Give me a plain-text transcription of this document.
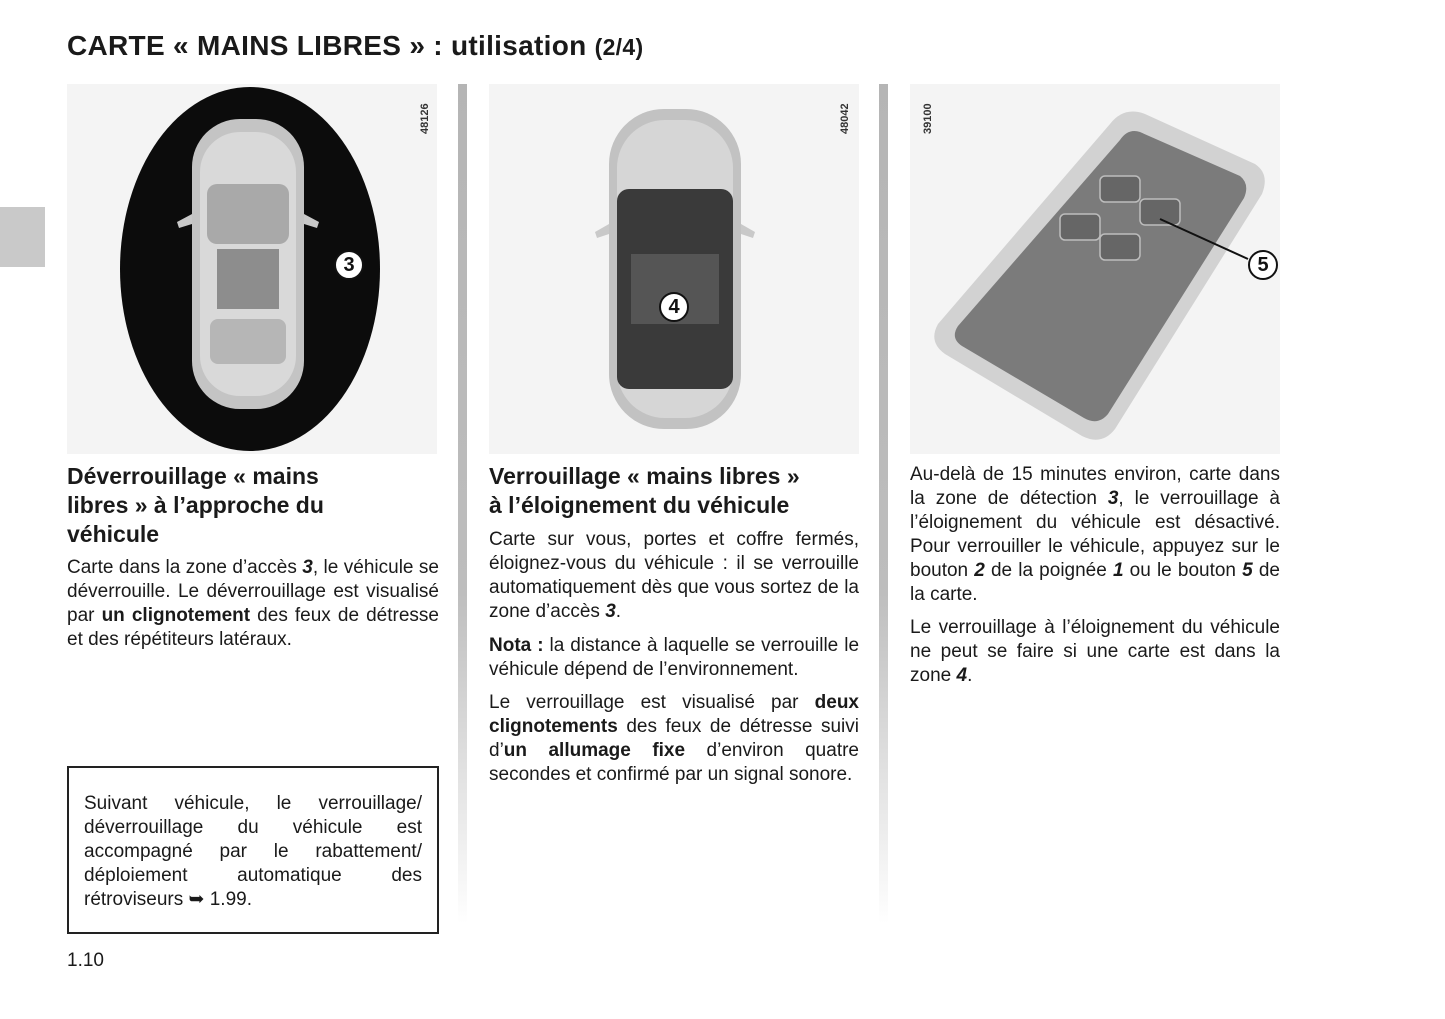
CARTE « MAINS LIBRES » : utilisation (2/4)
48126
3
48042
4
39100
5
Déverrouillage « mains
libres » à l’approche du
véhicule
Carte dans la zone d’accès 3, le véhicule se déverrouille. Le déverrouillage est visualisé par un clignotement des feux de détresse et des répétiteurs latéraux.
Suivant véhicule, le verrouillage/ déverrouillage du véhicule est accompagné par le rabattement/ déploiement automatique des rétroviseurs ➥ 1.99.
Verrouillage « mains libres »
à l’éloignement du véhicule
Carte sur vous, portes et coffre fermés, éloignez-vous du véhicule : il se verrouille automatiquement dès que vous sortez de la zone d’accès 3.
Nota : la distance à laquelle se verrouille le véhicule dépend de l’environnement.
Le verrouillage est visualisé par deux clignotements des feux de détresse suivi d’un allumage fixe d’environ quatre secondes et confirmé par un signal sonore.
Au-delà de 15 minutes environ, carte dans la zone de détection 3, le verrouillage à l’éloignement du véhicule est désactivé. Pour verrouiller le véhicule, appuyez sur le bouton 2 de la poignée 1 ou le bouton 5 de la carte.
Le verrouillage à l’éloignement du véhicule ne peut se faire si une carte est dans la zone 4.
1.10
